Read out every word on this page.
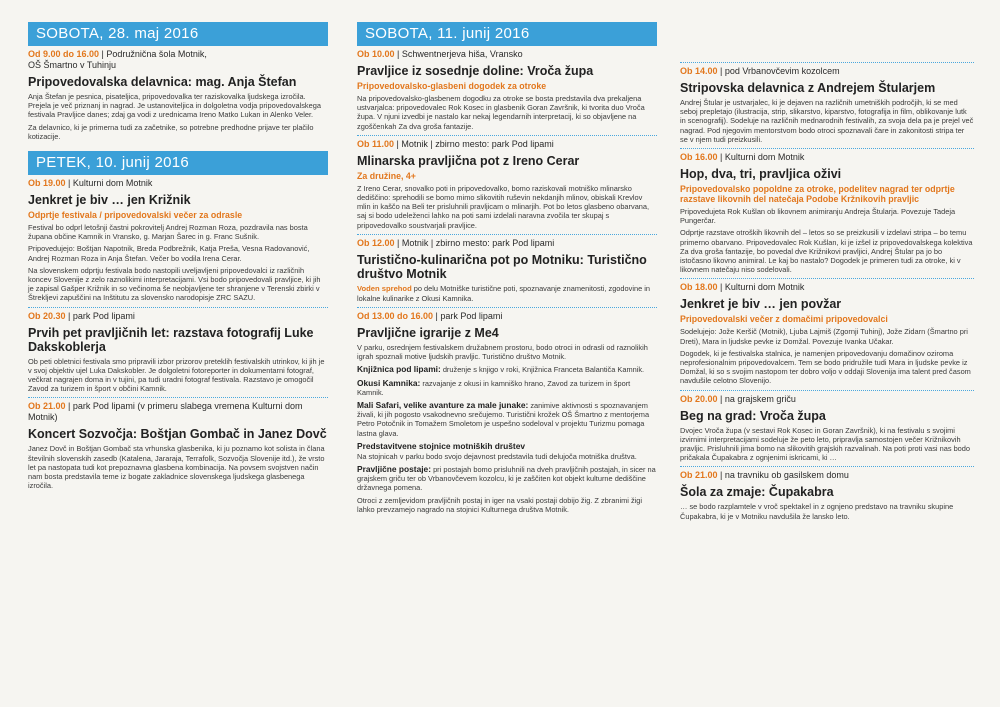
SOBOTA, 28. maj 2016
Od 9.00 do 16.00 | Podružnična šola Motnik,
OŠ Šmartno v Tuhinju
Pripovedovalska delavnica: mag. Anja Štefan
Anja Štefan je pesnica, pisateljica, pripovedovalka ter raziskovalka ljudskega izročila. Prejela je več priznanj in nagrad. Je ustanoviteljica in dolgoletna vodja pripovedovalskega festivala Pravljice danes; zdaj ga vodi z urednicama Ireno Matko Lukan in Alenko Veler.
Za delavnico, ki je primerna tudi za začetnike, so potrebne predhodne prijave ter plačilo kotizacije.
PETEK, 10. junij 2016
Ob 19.00 | Kulturni dom Motnik
Jenkret je biv … jen Križnik
Odprtje festivala / pripovedovalski večer za odrasle
Festival bo odprl letošnji častni pokrovitelj Andrej Rozman Roza, pozdravila nas bosta župana občine Kamnik in Vransko, g. Marjan Šarec in g. Franc Sušnik.
Pripovedujejo: Boštjan Napotnik, Breda Podbrežnik, Katja Preša, Vesna Radovanović, Andrej Rozman Roza in Anja Štefan. Večer bo vodila Irena Cerar.
Na slovenskem odprtju festivala bodo nastopili uveljavljeni pripovedovalci iz različnih koncev Slovenije z zelo raznolikimi interpretacijami. Vsi bodo pripovedovali pravljice, ki jih je zapisal Gašper Križnik in so večinoma še neobjavljene ter shranjene v Terenski zbirki v Štrekljevi zapuščini na Inštitutu za slovensko narodopisje ZRC SAZU.
Ob 20.30 | park Pod lipami
Prvih pet pravljičnih let: razstava fotografij Luke Dakskoblerja
Ob peti obletnici festivala smo pripravili izbor prizorov preteklih festivalskih utrinkov, ki jih je v svoj objektiv ujel Luka Dakskobler. Je dolgoletni fotoreporter in dokumentarni fotograf, večkrat nagrajen doma in v tujini, pa tudi uradni fotograf festivala. Razstavo je omogočil Zavod za turizem in šport v občini Kamnik.
Ob 21.00 | park Pod lipami (v primeru slabega vremena Kulturni dom Motnik)
Koncert Sozvočja: Boštjan Gombač in Janez Dovč
Janez Dovč in Boštjan Gombač sta vrhunska glasbenika, ki ju poznamo kot solista in člana številnih slovenskih zasedb (Katalena, Jararaja, Terrafolk, Sozvočja Slovenije itd.), že vrsto let pa nastopata tudi kot prepoznavna glasbena kombinacija. Na povsem svojstven način nam bosta predstavila teme iz bogate zakladnice slovenskega ljudskega glasbenega izročila.
SOBOTA, 11. junij 2016
Ob 10.00 | Schwentnerjeva hiša, Vransko
Pravljice iz sosednje doline: Vroča župa
Pripovedovalsko-glasbeni dogodek za otroke
Na pripovedovalsko-glasbenem dogodku za otroke se bosta predstavila dva prekaljena ustvarjalca: pripovedovalec Rok Kosec in glasbenik Goran Završnik, ki tvorita duo Vroča župa. V njuni izvedbi je nastalo kar nekaj legendarnih interpretacij, ki so objavljene na zgoščenkah Za dva groša fantazije.
Ob 11.00 | Motnik | zbirno mesto: park Pod lipami
Mlinarska pravljična pot z Ireno Cerar
Za družine, 4+
Z Ireno Cerar, snovalko poti in pripovedovalko, bomo raziskovali motniško mlinarsko dediščino: sprehodili se bomo mimo slikovitih ruševin nekdanjih mlinov, obiskali Krevlov mlin in kaščo na Beli ter prisluhnili pravljicam o mlinarjih. Pot bo letos glasbeno obarvana, saj si bodo udeleženci lahko na poti sami izdelali naravna zvočila ter skupaj s pripovedovalko soustvarjali pravljice.
Ob 12.00 | Motnik | zbirno mesto: park Pod lipami
Turistično-kulinarična pot po Motniku: Turistično društvo Motnik
Voden sprehod po delu Motniške turistične poti, spoznavanje znamenitosti, zgodovine in lokalne kulinarike z Okusi Kamnika.
Od 13.00 do 16.00 | park Pod lipami
Pravljične igrarije z Me4
V parku, osrednjem festivalskem družabnem prostoru, bodo otroci in odrasli od raznolikih igrah spoznali motive ljudskih pravljic. Turistično društvo Motnik.
Knjižnica pod lipami: druženje s knjigo v roki, Knjižnica Franceta Balantiča Kamnik.
Okusi Kamnika: razvajanje z okusi in kamniško hrano, Zavod za turizem in šport Kamnik.
Mali Safari, velike avanture za male junake: zanimive aktivnosti s spoznavanjem živali, ki jih pogosto vsakodnevno srečujemo. Turistični krožek OŠ Šmartno z mentorjema Petro Potočnik in Tomažem Smoletom je uspešno sodeloval v projektu Turizmu pomaga lastna glava.
Predstavitvene stojnice motniških društev
Na stojnicah v parku bodo svojo dejavnost predstavila tudi delujoča motniška društva.
Pravljične postaje: pri postajah bomo prisluhnili na dveh pravljičnih postajah, in sicer na grajskem griču ter ob Vrbanovčevem kozolcu, ki je zaščiten kot objekt kulturne dediščine državnega pomena.
Otroci z zemljevidom pravljičnih postaj in iger na vsaki postaji dobijo žig. Z zbranimi žigi lahko prevzamejo nagrado na stojnici Kulturnega društva Motnik.
Ob 14.00 | pod Vrbanovčevim kozolcem
Stripovska delavnica z Andrejem Štularjem
Andrej Štular je ustvarjalec, ki je dejaven na različnih umetniških področjih, ki se med seboj prepletajo (ilustracija, strip, slikarstvo, kiparstvo, fotografija in film, oblikovanje lutk in scenografij). Sodeluje na različnih mednarodnih festivalih, za svoja dela pa je prejel več nagrad. Pod njegovim mentorstvom bodo otroci spoznavali čare in zakonitosti stripa ter se v njem tudi preizkusili.
Ob 16.00 | Kulturni dom Motnik
Hop, dva, tri, pravljica oživi
Pripovedovalsko popoldne za otroke, podelitev nagrad ter odprtje razstave likovnih del natečaja Podobe Kržnikovih pravljic
Pripovedujeta Rok Kušlan ob likovnem animiranju Andreja Štularja. Povezuje Tadeja Pungerčar.
Odprtje razstave otroških likovnih del – letos so se preizkusili v izdelavi stripa – bo temu primerno obarvano. Pripovedovalec Rok Kušlan, ki je izšel iz pripovedovalskega kolektiva Za dva groša fantazije, bo povedal dve Križnikovi pravljici, Andrej Štular pa jo bo istočasno likovno animiral. Le kaj bo nastalo? Dogodek je primeren tudi za otroke, ki v likovnem natečaju niso sodelovali.
Ob 18.00 | Kulturni dom Motnik
Jenkret je biv … jen povžar
Pripovedovalski večer z domačimi pripovedovalci
Sodelujejo: Jože Keršič (Motnik), Ljuba Lajmiš (Zgornji Tuhinj), Jože Zidarn (Šmartno pri Dreti), Mara in ljudske pevke iz Domžal. Povezuje Ivanka Učakar.
Dogodek, ki je festivalska stalnica, je namenjen pripovedovanju domačinov oziroma neprofesionalnim pripovedovalcem. Tem se bodo pridružile tudi Mara in ljudske pevke iz Domžal, ki so s svojim nastopom ter dobro voljo v oddaji Slovenija ima talent pred časom navdušile celotno Slovenijo.
Ob 20.00 | na grajskem griču
Beg na grad: Vroča župa
Dvojec Vroča župa (v sestavi Rok Kosec in Goran Završnik), ki na festivalu s svojimi izvirnimi interpretacijami sodeluje že peto leto, pripravlja samostojen večer Križnikovih pravljic. Prisluhnili jima bomo na slikovitih grajskih razvalinah. Na poti proti vasi nas bodo pričakala Čupakabra z ognjenimi iskricami, ki …
Ob 21.00 | na travniku ob gasilskem domu
Šola za zmaje: Čupakabra
… se bodo razplamtele v vroč spektakel in z ognjeno predstavo na travniku skupine Čupakabra, ki je v Motniku navdušila že lansko leto.
